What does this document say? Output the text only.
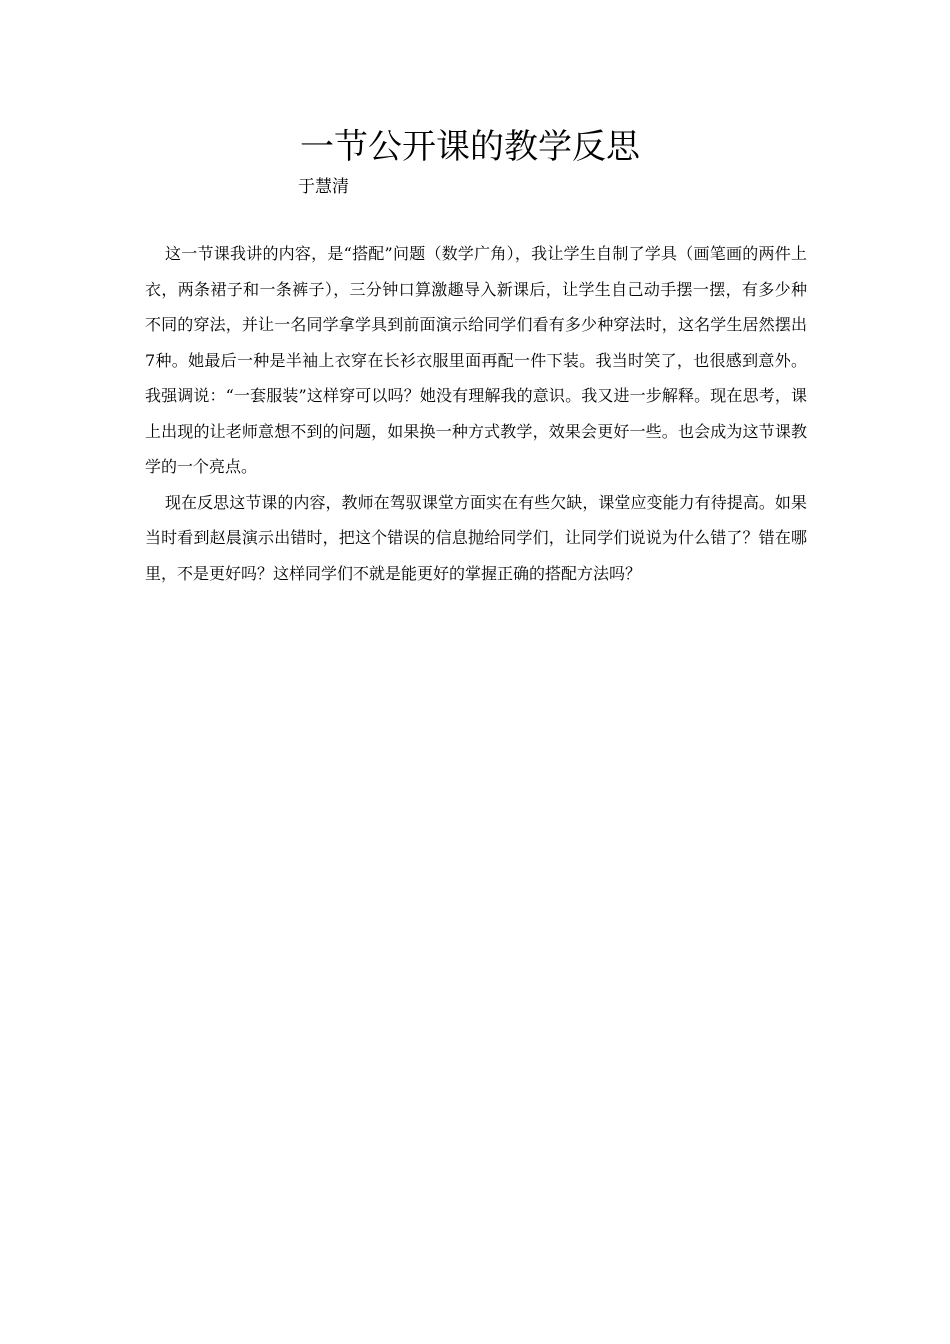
一节公开课的教学反思
于慧清

这一节课我讲的内容，是“搭配”问题（数学广角），我让学生自制了学具（画笔画的两件上衣，两条裙子和一条裤子），三分钟口算激趣导入新课后，让学生自己动手摆一摆，有多少种不同的穿法，并让一名同学拿学具到前面演示给同学们看有多少种穿法时，这名学生居然摆出7种。她最后一种是半袖上衣穿在长衫衣服里面再配一件下装。我当时笑了，也很感到意外。我强调说：“一套服装”这样穿可以吗？她没有理解我的意识。我又进一步解释。现在思考，课上出现的让老师意想不到的问题，如果换一种方式教学，效果会更好一些。也会成为这节课教学的一个亮点。

现在反思这节课的内容，教师在驾驭课堂方面实在有些欠缺，课堂应变能力有待提高。如果当时看到赵晨演示出错时，把这个错误的信息抛给同学们，让同学们说说为什么错了？错在哪里，不是更好吗？这样同学们不就是能更好的掌握正确的搭配方法吗？
